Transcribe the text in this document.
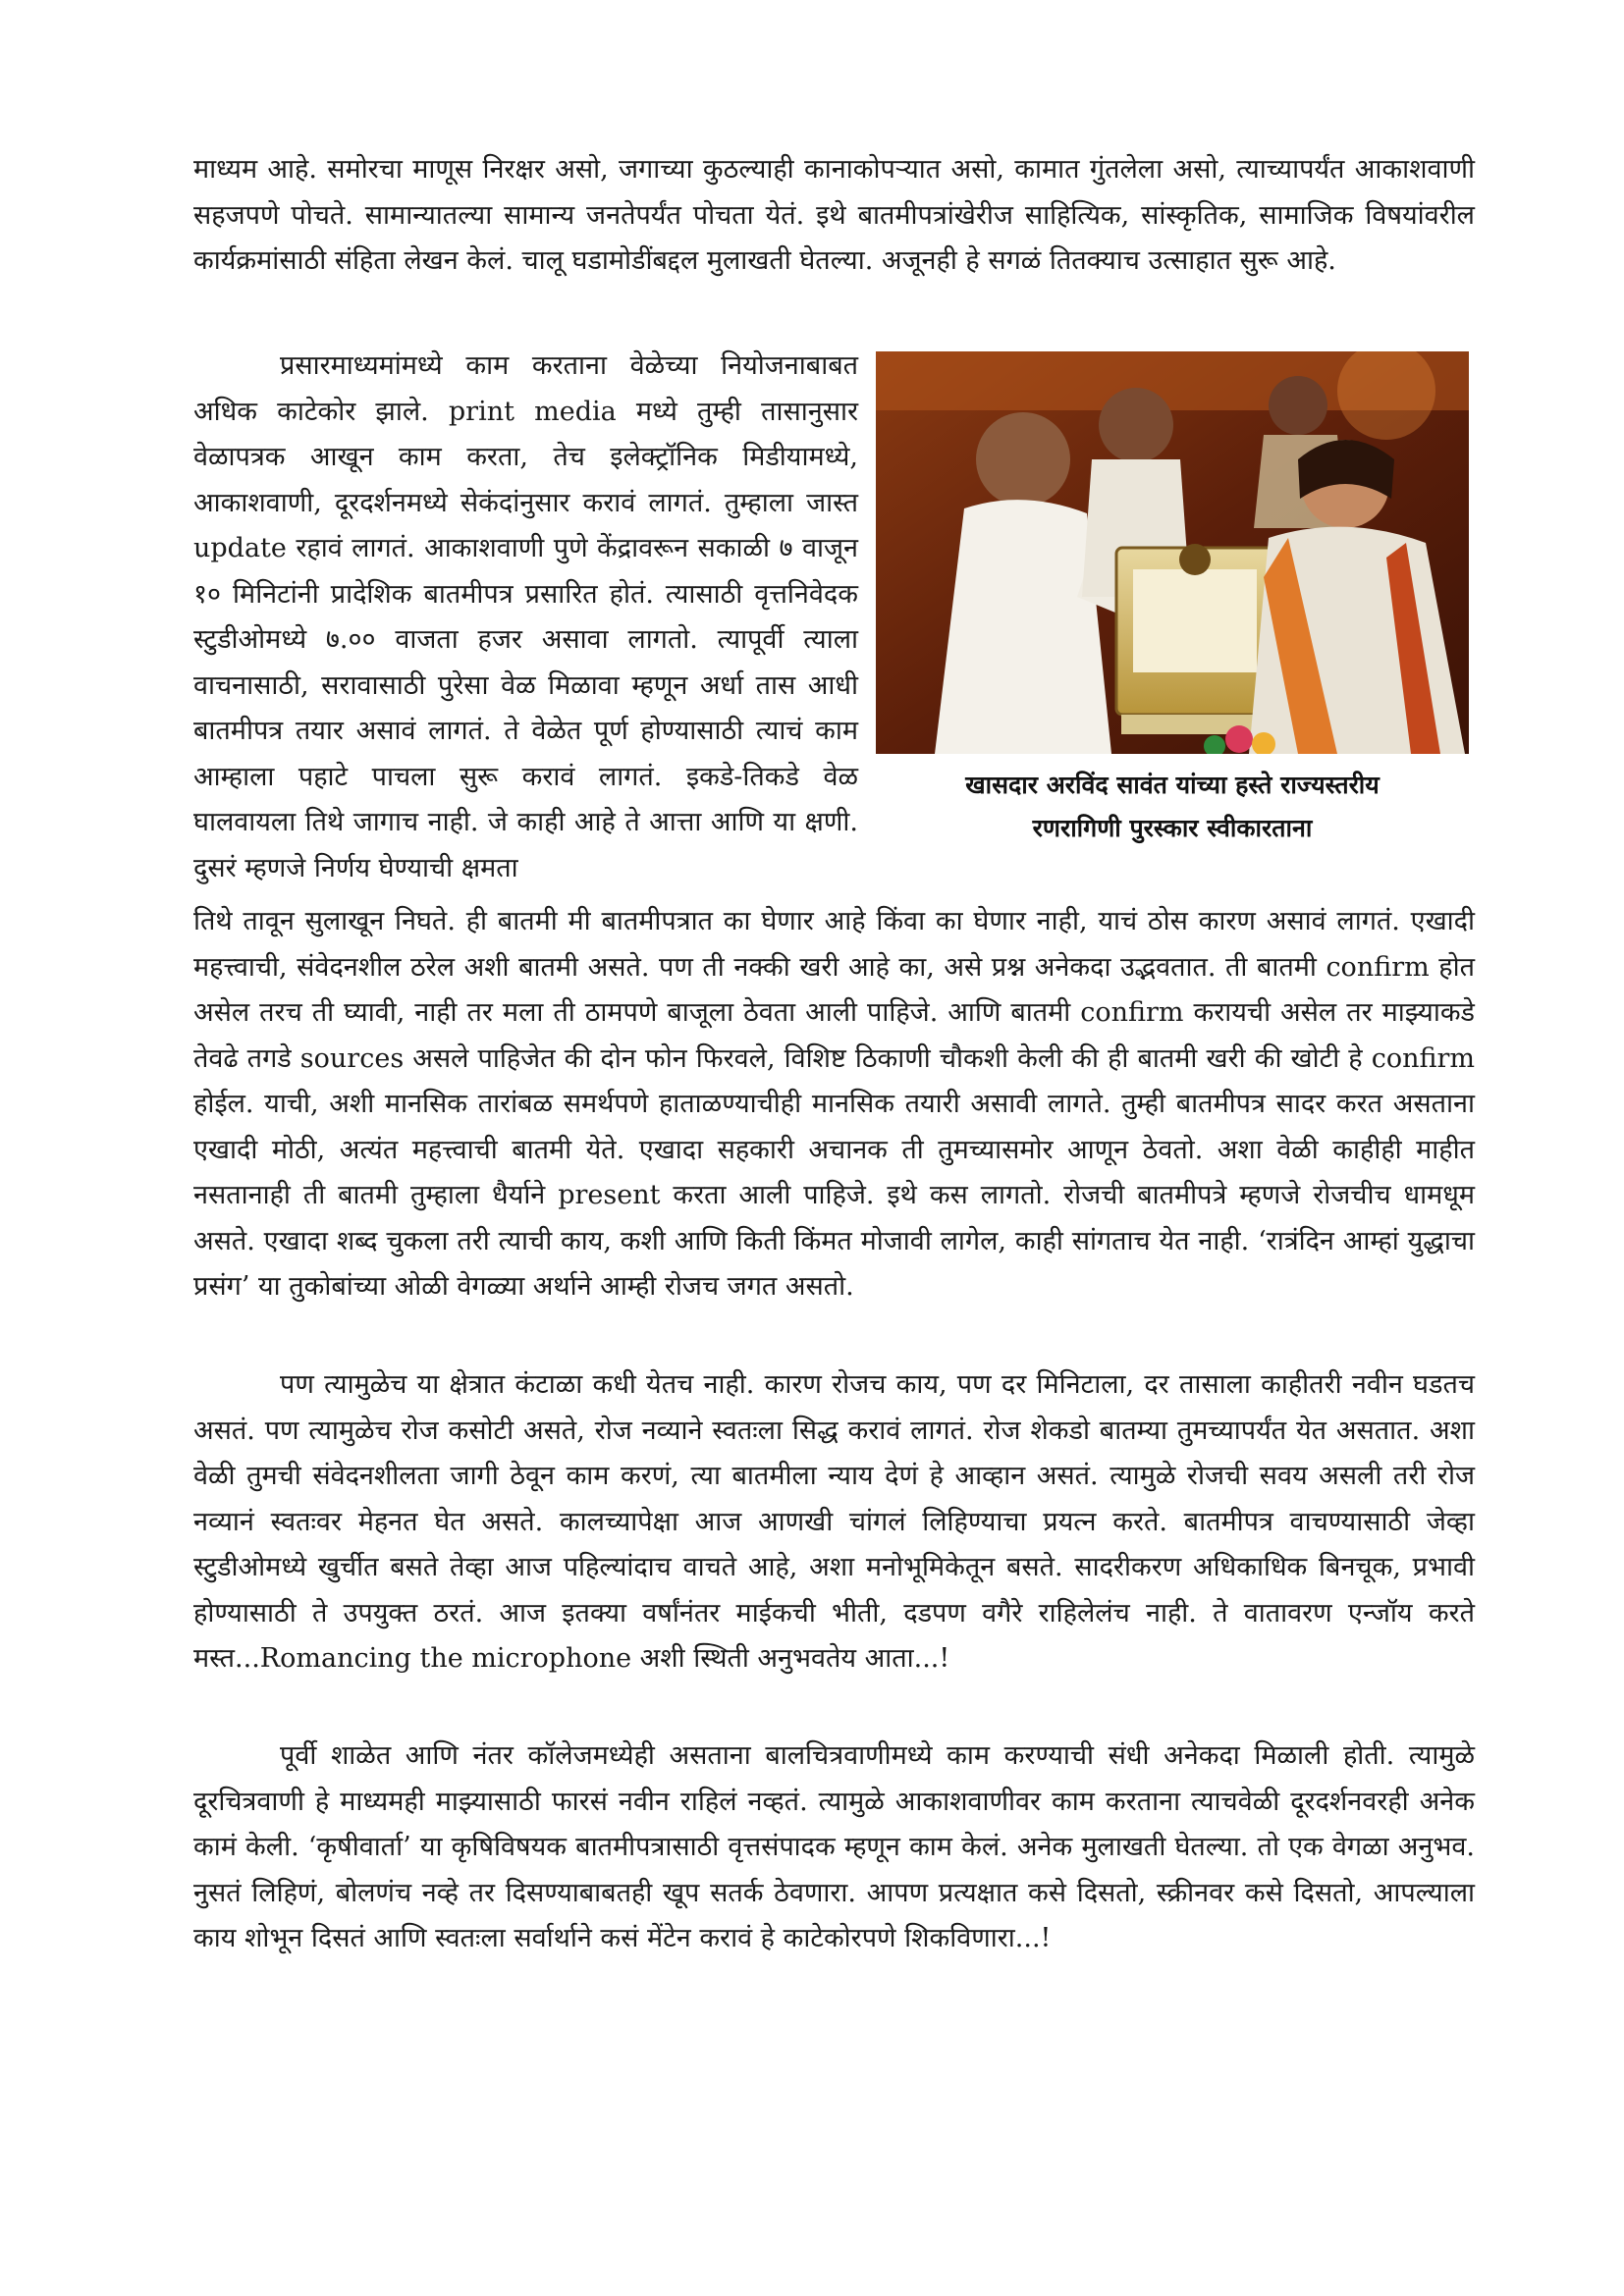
माध्यम आहे. समोरचा माणूस निरक्षर असो, जगाच्या कुठल्याही कानाकोपऱ्यात असो, कामात गुंतलेला असो, त्याच्यापर्यंत आकाशवाणी सहजपणे पोचते. सामान्यातल्या सामान्य जनतेपर्यंत पोचता येतं. इथे बातमीपत्रांखेरीज साहित्यिक, सांस्कृतिक, सामाजिक विषयांवरील कार्यक्रमांसाठी संहिता लेखन केलं. चालू घडामोडींबद्दल मुलाखती घेतल्या. अजूनही हे सगळं तितक्याच उत्साहात सुरू आहे.

प्रसारमाध्यमांमध्ये काम करताना वेळेच्या नियोजनाबाबत अधिक काटेकोर झाले. print media मध्ये तुम्ही तासानुसार वेळापत्रक आखून काम करता, तेच इलेक्ट्रॉनिक मिडीयामध्ये, आकाशवाणी, दूरदर्शनमध्ये सेकंदांनुसार करावं लागतं. तुम्हाला जास्त update रहावं लागतं. आकाशवाणी पुणे केंद्रावरून सकाळी ७ वाजून १० मिनिटांनी प्रादेशिक बातमीपत्र प्रसारित होतं. त्यासाठी वृत्तनिवेदक स्टुडीओमध्ये ७.०० वाजता हजर असावा लागतो. त्यापूर्वी त्याला वाचनासाठी, सरावासाठी पुरेसा वेळ मिळावा म्हणून अर्धा तास आधी बातमीपत्र तयार असावं लागतं. ते वेळेत पूर्ण होण्यासाठी त्याचं काम आम्हाला पहाटे पाचला सुरू करावं लागतं. इकडे-तिकडे वेळ घालवायला तिथे जागाच नाही. जे काही आहे ते आत्ता आणि या क्षणी. दुसरं म्हणजे निर्णय घेण्याची क्षमता

खासदार अरविंद सावंत यांच्या हस्ते राज्यस्तरीय
रणरागिणी पुरस्कार स्वीकारताना

तिथे तावून सुलाखून निघते. ही बातमी मी बातमीपत्रात का घेणार आहे किंवा का घेणार नाही, याचं ठोस कारण असावं लागतं. एखादी महत्त्वाची, संवेदनशील ठरेल अशी बातमी असते. पण ती नक्की खरी आहे का, असे प्रश्न अनेकदा उद्भवतात. ती बातमी confirm होत असेल तरच ती घ्यावी, नाही तर मला ती ठामपणे बाजूला ठेवता आली पाहिजे. आणि बातमी confirm करायची असेल तर माझ्याकडे तेवढे तगडे sources असले पाहिजेत की दोन फोन फिरवले, विशिष्ट ठिकाणी चौकशी केली की ही बातमी खरी की खोटी हे confirm होईल. याची, अशी मानसिक तारांबळ समर्थपणे हाताळण्याचीही मानसिक तयारी असावी लागते. तुम्ही बातमीपत्र सादर करत असताना एखादी मोठी, अत्यंत महत्त्वाची बातमी येते. एखादा सहकारी अचानक ती तुमच्यासमोर आणून ठेवतो. अशा वेळी काहीही माहीत नसतानाही ती बातमी तुम्हाला धैर्याने present करता आली पाहिजे. इथे कस लागतो. रोजची बातमीपत्रे म्हणजे रोजचीच धामधूम असते. एखादा शब्द चुकला तरी त्याची काय, कशी आणि किती किंमत मोजावी लागेल, काही सांगताच येत नाही. ‘रात्रंदिन आम्हां युद्धाचा प्रसंग’ या तुकोबांच्या ओळी वेगळ्या अर्थाने आम्ही रोजच जगत असतो.

पण त्यामुळेच या क्षेत्रात कंटाळा कधी येतच नाही. कारण रोजच काय, पण दर मिनिटाला, दर तासाला काहीतरी नवीन घडतच असतं. पण त्यामुळेच रोज कसोटी असते, रोज नव्याने स्वतःला सिद्ध करावं लागतं. रोज शेकडो बातम्या तुमच्यापर्यंत येत असतात. अशा वेळी तुमची संवेदनशीलता जागी ठेवून काम करणं, त्या बातमीला न्याय देणं हे आव्हान असतं. त्यामुळे रोजची सवय असली तरी रोज नव्यानं स्वतःवर मेहनत घेत असते. कालच्यापेक्षा आज आणखी चांगलं लिहिण्याचा प्रयत्न करते. बातमीपत्र वाचण्यासाठी जेव्हा स्टुडीओमध्ये खुर्चीत बसते तेव्हा आज पहिल्यांदाच वाचते आहे, अशा मनोभूमिकेतून बसते. सादरीकरण अधिकाधिक बिनचूक, प्रभावी होण्यासाठी ते उपयुक्त ठरतं. आज इतक्या वर्षांनंतर माईकची भीती, दडपण वगैरे राहिलेलंच नाही. ते वातावरण एन्जॉय करते मस्त...Romancing the microphone अशी स्थिती अनुभवतेय आता...!

पूर्वी शाळेत आणि नंतर कॉलेजमध्येही असताना बालचित्रवाणीमध्ये काम करण्याची संधी अनेकदा मिळाली होती. त्यामुळे दूरचित्रवाणी हे माध्यमही माझ्यासाठी फारसं नवीन राहिलं नव्हतं. त्यामुळे आकाशवाणीवर काम करताना त्याचवेळी दूरदर्शनवरही अनेक कामं केली. ‘कृषीवार्ता’ या कृषिविषयक बातमीपत्रासाठी वृत्तसंपादक म्हणून काम केलं. अनेक मुलाखती घेतल्या. तो एक वेगळा अनुभव. नुसतं लिहिणं, बोलणंच नव्हे तर दिसण्याबाबतही खूप सतर्क ठेवणारा. आपण प्रत्यक्षात कसे दिसतो, स्क्रीनवर कसे दिसतो, आपल्याला काय शोभून दिसतं आणि स्वतःला सर्वार्थाने कसं मेंटेन करावं हे काटेकोरपणे शिकविणारा...!
